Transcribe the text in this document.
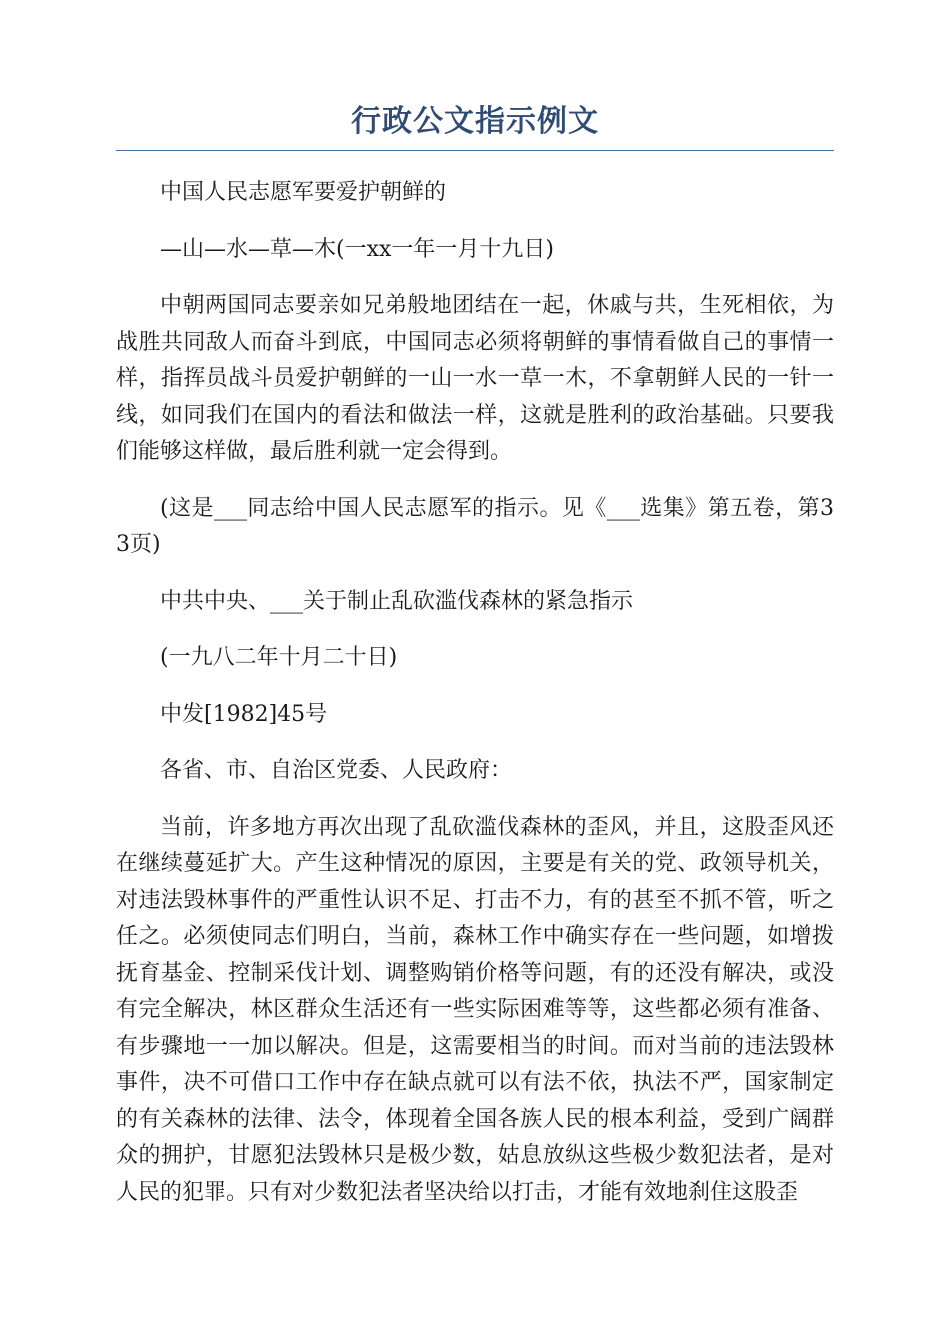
行政公文指示例文

中国人民志愿军要爱护朝鲜的

—山—水—草—木(一xx一年一月十九日)

中朝两国同志要亲如兄弟般地团结在一起，休戚与共，生死相依，为战胜共同敌人而奋斗到底，中国同志必须将朝鲜的事情看做自己的事情一样，指挥员战斗员爱护朝鲜的一山一水一草一木，不拿朝鲜人民的一针一线，如同我们在国内的看法和做法一样，这就是胜利的政治基础。只要我们能够这样做，最后胜利就一定会得到。

(这是___同志给中国人民志愿军的指示。见《___选集》第五卷，第33页)

中共中央、___关于制止乱砍滥伐森林的紧急指示

(一九八二年十月二十日)

中发[1982]45号

各省、市、自治区党委、人民政府：

当前，许多地方再次出现了乱砍滥伐森林的歪风，并且，这股歪风还在继续蔓延扩大。产生这种情况的原因，主要是有关的党、政领导机关，对违法毁林事件的严重性认识不足、打击不力，有的甚至不抓不管，听之任之。必须使同志们明白，当前，森林工作中确实存在一些问题，如增拨抚育基金、控制采伐计划、调整购销价格等问题，有的还没有解决，或没有完全解决，林区群众生活还有一些实际困难等等，这些都必须有准备、有步骤地一一加以解决。但是，这需要相当的时间。而对当前的违法毁林事件，决不可借口工作中存在缺点就可以有法不依，执法不严，国家制定的有关森林的法律、法令，体现着全国各族人民的根本利益，受到广阔群众的拥护，甘愿犯法毁林只是极少数，姑息放纵这些极少数犯法者，是对人民的犯罪。只有对少数犯法者坚决给以打击，才能有效地刹住这股歪
